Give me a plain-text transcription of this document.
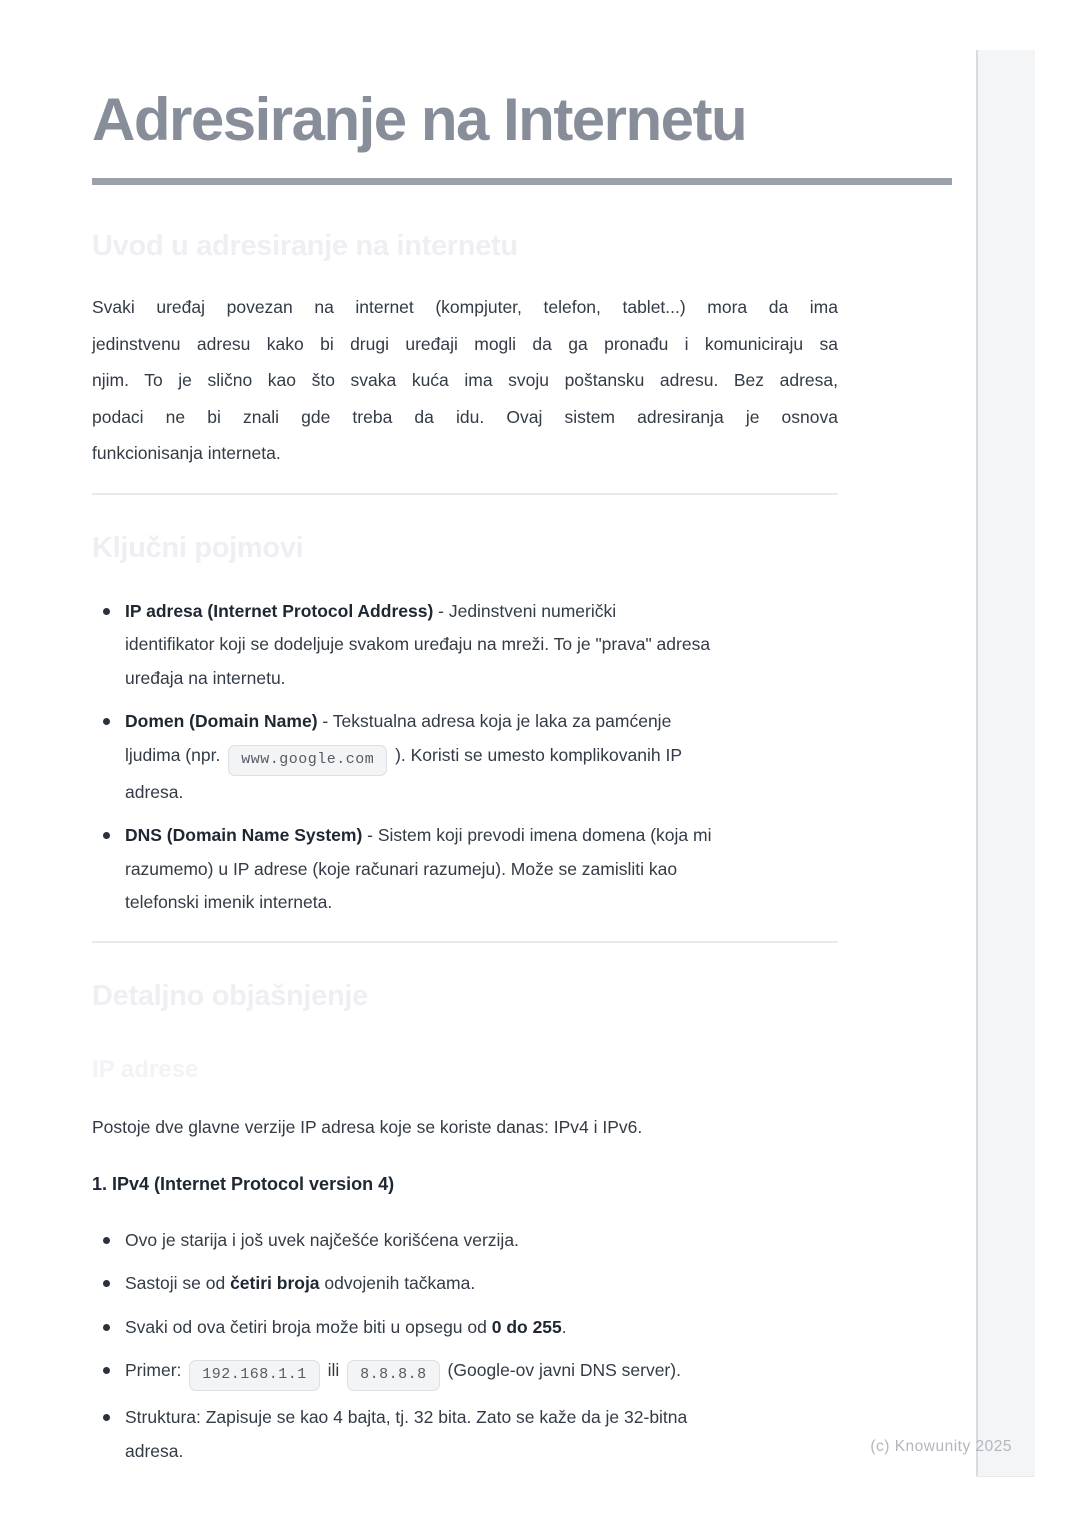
Adresiranje na Internetu
Uvod u adresiranje na internetu
Svaki uređaj povezan na internet (kompjuter, telefon, tablet...) mora da ima
jedinstvenu adresu kako bi drugi uređaji mogli da ga pronađu i komuniciraju sa
njim. To je slično kao što svaka kuća ima svoju poštansku adresu. Bez adresa,
podaci ne bi znali gde treba da idu. Ovaj sistem adresiranja je osnova
funkcionisanja interneta.
Ključni pojmovi
IP adresa (Internet Protocol Address) - Jedinstveni numerički
identifikator koji se dodeljuje svakom uređaju na mreži. To je "prava" adresa
uređaja na internetu.
Domen (Domain Name) - Tekstualna adresa koja je laka za pamćenje
ljudima (npr. www.google.com ). Koristi se umesto komplikovanih IP
adresa.
DNS (Domain Name System) - Sistem koji prevodi imena domena (koja mi
razumemo) u IP adrese (koje računari razumeju). Može se zamisliti kao
telefonski imenik interneta.
Detaljno objašnjenje
IP adrese

Postoje dve glavne verzije IP adresa koje se koriste danas: IPv4 i IPv6.

1. IPv4 (Internet Protocol version 4)
Ovo je starija i još uvek najčešće korišćena verzija.
Sastoji se od četiri broja odvojenih tačkama.
Svaki od ova četiri broja može biti u opsegu od 0 do 255.
Primer: 192.168.1.1 ili 8.8.8.8 (Google-ov javni DNS server).
Struktura: Zapisuje se kao 4 bajta, tj. 32 bita. Zato se kaže da je 32-bitna
adresa.	(c) Knowunity 2025
